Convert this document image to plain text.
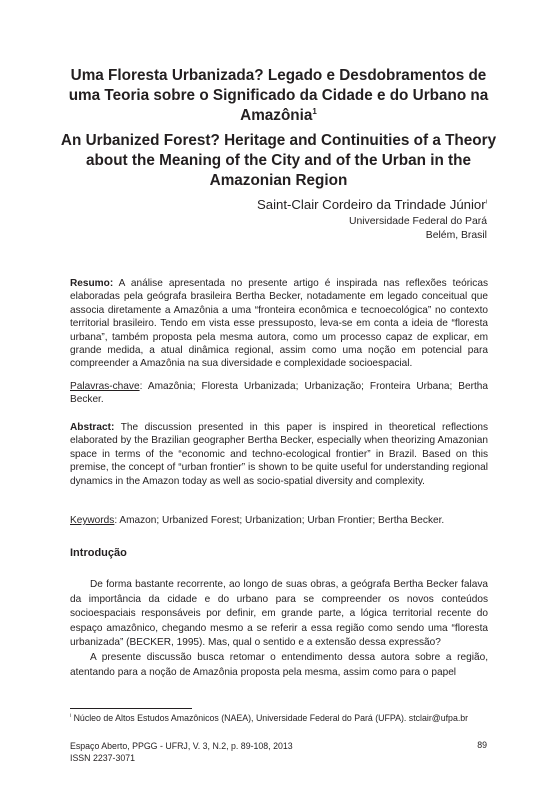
Uma Floresta Urbanizada? Legado e Desdobramentos de
uma Teoria sobre o Significado da Cidade e do Urbano na
Amazônia$^1$
An Urbanized Forest? Heritage and Continuities of a Theory
about the Meaning of the City and of the Urban in the
Amazonian Region
Saint-Clair Cordeiro da Trindade Júnior$^i$
Universidade Federal do Pará
Belém, Brasil

Resumo: A análise apresentada no presente artigo é inspirada nas reflexões teóricas elaboradas pela geógrafa brasileira Bertha Becker, notadamente em legado conceitual que associa diretamente a Amazônia a uma “fronteira econômica e tecnoecológica” no contexto territorial brasileiro. Tendo em vista esse pressuposto, leva-se em conta a ideia de “floresta urbana”, também proposta pela mesma autora, como um processo capaz de explicar, em grande medida, a atual dinâmica regional, assim como uma noção em potencial para compreender a Amazônia na sua diversidade e complexidade socioespacial.

Palavras-chave: Amazônia; Floresta Urbanizada; Urbanização; Fronteira Urbana; Bertha Becker.

Abstract: The discussion presented in this paper is inspired in theoretical reflections elaborated by the Brazilian geographer Bertha Becker, especially when theorizing Amazonian space in terms of the “economic and techno-ecological frontier” in Brazil. Based on this premise, the concept of “urban frontier” is shown to be quite useful for understanding regional dynamics in the Amazon today as well as socio-spatial diversity and complexity.

Keywords: Amazon; Urbanized Forest; Urbanization; Urban Frontier; Bertha Becker.

Introdução

De forma bastante recorrente, ao longo de suas obras, a geógrafa Bertha Becker falava da importância da cidade e do urbano para se compreender os novos conteúdos socioespaciais responsáveis por definir, em grande parte, a lógica territorial recente do espaço amazônico, chegando mesmo a se referir a essa região como sendo uma “floresta urbanizada” (BECKER, 1995). Mas, qual o sentido e a extensão dessa expressão?
A presente discussão busca retomar o entendimento dessa autora sobre a região, atentando para a noção de Amazônia proposta pela mesma, assim como para o papel

$^i$ Núcleo de Altos Estudos Amazônicos (NAEA), Universidade Federal do Pará (UFPA). stclair@ufpa.br
Espaço Aberto, PPGG - UFRJ, V. 3, N.2, p. 89-108, 2013
ISSN 2237-3071
89
